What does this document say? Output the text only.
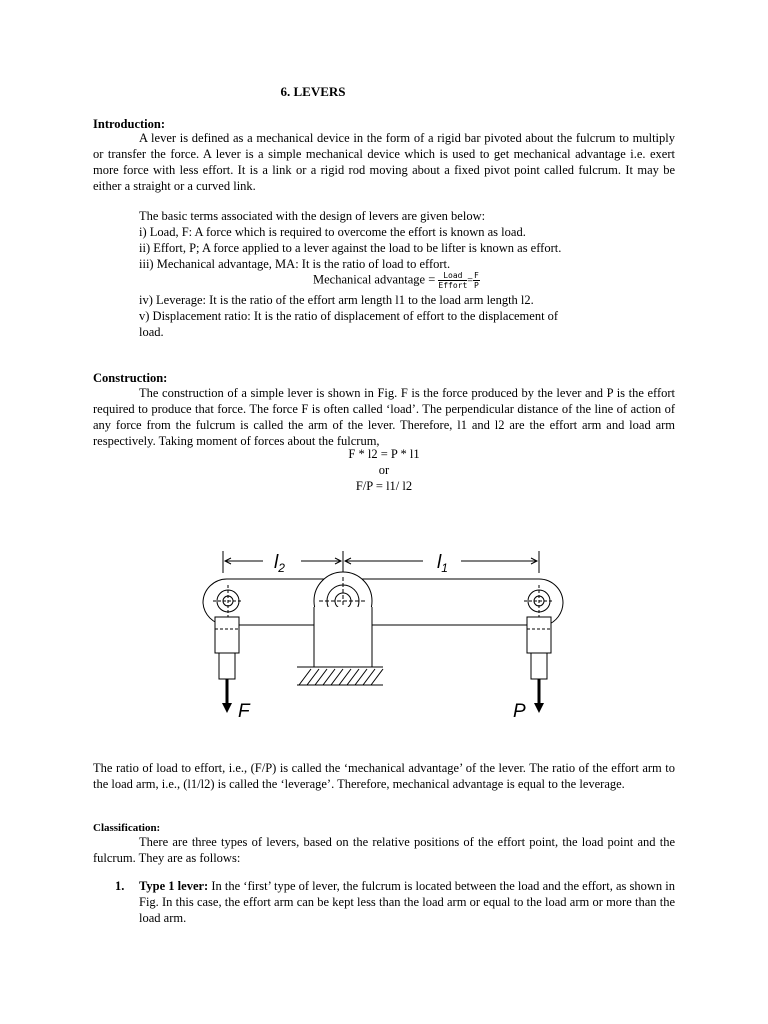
6. LEVERS
Introduction:
A lever is defined as a mechanical device in the form of a rigid bar pivoted about the fulcrum to multiply or transfer the force. A lever is a simple mechanical device which is used to get mechanical advantage i.e. exert more force with less effort. It is a link or a rigid rod moving about a fixed pivot point called fulcrum. It may be either a straight or a curved link.

The basic terms associated with the design of levers are given below:

i) Load, F: A force which is required to overcome the effort is known as load.

ii) Effort, P; A force applied to a lever against the load to be lifter is known as effort.

iii) Mechanical advantage, MA: It is the ratio of load to effort.

Mechanical advantage = $\frac{\text{Load}}{\text{Effort}} = \frac{F}{P}$

iv) Leverage: It is the ratio of the effort arm length l1 to the load arm length l2.

v) Displacement ratio: It is the ratio of displacement of effort to the displacement of

load.

Construction:
The construction of a simple lever is shown in Fig. F is the force produced by the lever and P is the effort required to produce that force. The force F is often called ‘load’. The perpendicular distance of the line of action of any force from the fulcrum is called the arm of the lever. Therefore, l1 and l2 are the effort arm and load arm respectively. Taking moment of forces about the fulcrum,
F * l2 = P * l1
or
F/P = l1/ l2
The ratio of load to effort, i.e., (F/P) is called the ‘mechanical advantage’ of the lever. The ratio of the effort arm to the load arm, i.e., (l1/l2) is called the ‘leverage’. Therefore, mechanical advantage is equal to the leverage.
Classification:
There are three types of levers, based on the relative positions of the effort point, the load point and the fulcrum. They are as follows:
1. Type 1 lever: In the ‘first’ type of lever, the fulcrum is located between the load and the effort, as shown in Fig. In this case, the effort arm can be kept less than the load arm or equal to the load arm or more than the load arm.
$l_2$	$l_1$
F	P
